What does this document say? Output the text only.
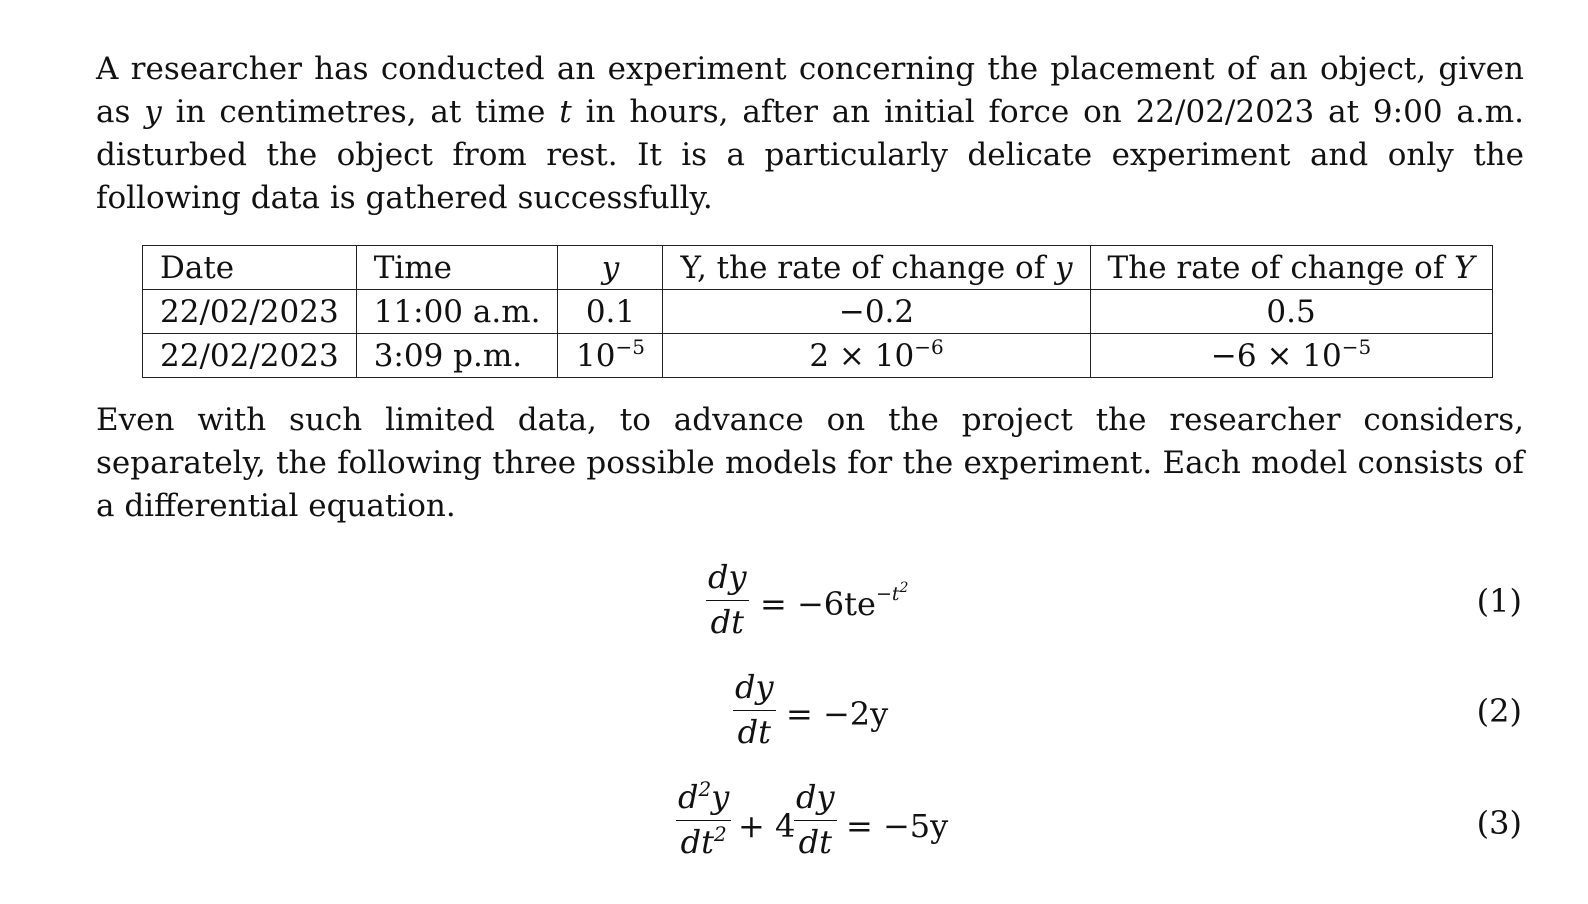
A researcher has conducted an experiment concerning the placement of an object, given as y in centimetres, at time t in hours, after an initial force on 22/02/2023 at 9:00 a.m. disturbed the object from rest. It is a particularly delicate experiment and only the following data is gathered successfully.
Date	Time	y	Y, the rate of change of y	The rate of change of Y
22/02/2023	11:00 a.m.	0.1	−0.2	0.5
22/02/2023	3:09 p.m.	$10^{-5}$	$2 \times 10^{-6}$	$-6 \times 10^{-5}$
Even with such limited data, to advance on the project the researcher considers, separately, the following three possible models for the experiment. Each model consists of a differential equation.
dy
dt = $-6te^{-t^2}$	(1)
dy
dt = −2y	(2)
$d^2y$
$dt^2 + 4$
dy
dt = −5y	(3)
